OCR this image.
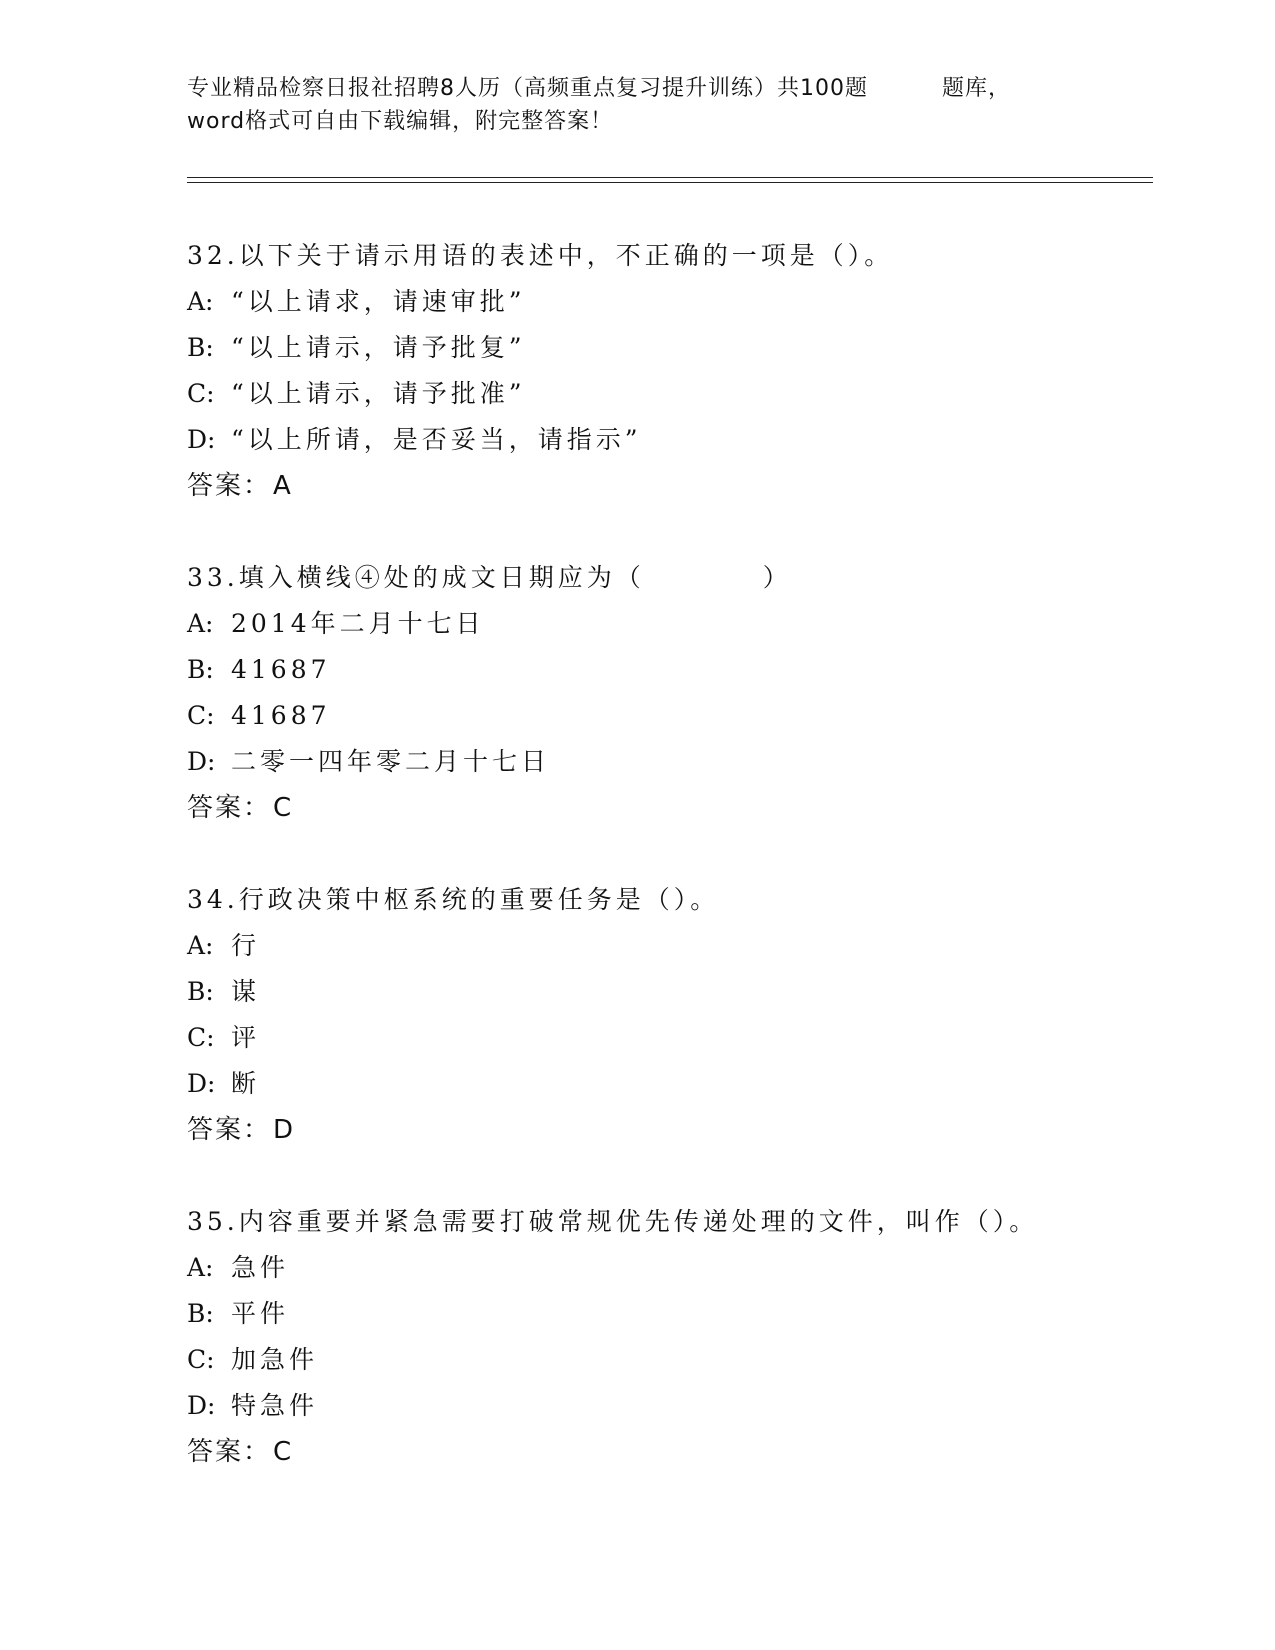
专业精品检察日报社招聘8人历（高频重点复习提升训练）共100题	题库，
word格式可自由下载编辑，附完整答案！
32.以下关于请示用语的表述中，不正确的一项是（）。
A: “以上请求，请速审批”
B: “以上请示，请予批复”
C: “以上请示，请予批准”
D: “以上所请，是否妥当，请指示”
答案：A
33.填入横线④处的成文日期应为（	）
A: 2014年二月十七日
B: 41687
C: 41687
D: 二零一四年零二月十七日
答案：C
34.行政决策中枢系统的重要任务是（）。
A: 行
B: 谋
C: 评
D: 断
答案：D
35.内容重要并紧急需要打破常规优先传递处理的文件，叫作（）。
A: 急件
B: 平件
C: 加急件
D: 特急件
答案：C
